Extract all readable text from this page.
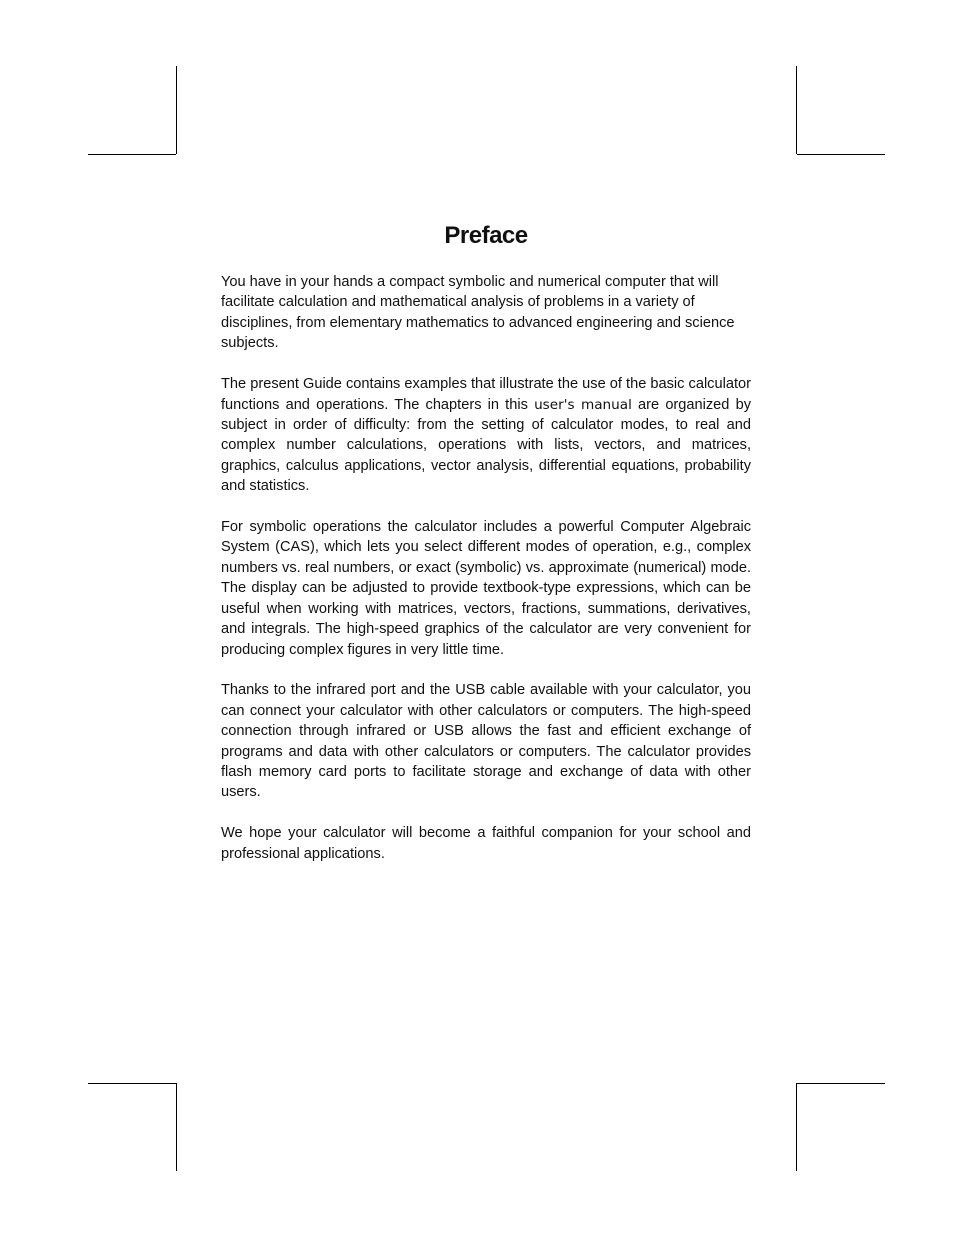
Preface

You have in your hands a compact symbolic and numerical computer that will facilitate calculation and mathematical analysis of problems in a variety of disciplines, from elementary mathematics to advanced engineering and science subjects.

The present Guide contains examples that illustrate the use of the basic calculator functions and operations. The chapters in this user's manual are organized by subject in order of difficulty: from the setting of calculator modes, to real and complex number calculations, operations with lists, vectors, and matrices, graphics, calculus applications, vector analysis, differential equations, probability and statistics.

For symbolic operations the calculator includes a powerful Computer Algebraic System (CAS), which lets you select different modes of operation, e.g., complex numbers vs. real numbers, or exact (symbolic) vs. approximate (numerical) mode. The display can be adjusted to provide textbook-type expressions, which can be useful when working with matrices, vectors, fractions, summations, derivatives, and integrals. The high-speed graphics of the calculator are very convenient for producing complex figures in very little time.

Thanks to the infrared port and the USB cable available with your calculator, you can connect your calculator with other calculators or computers. The high-speed connection through infrared or USB allows the fast and efficient exchange of programs and data with other calculators or computers. The calculator provides flash memory card ports to facilitate storage and exchange of data with other users.

We hope your calculator will become a faithful companion for your school and professional applications.
